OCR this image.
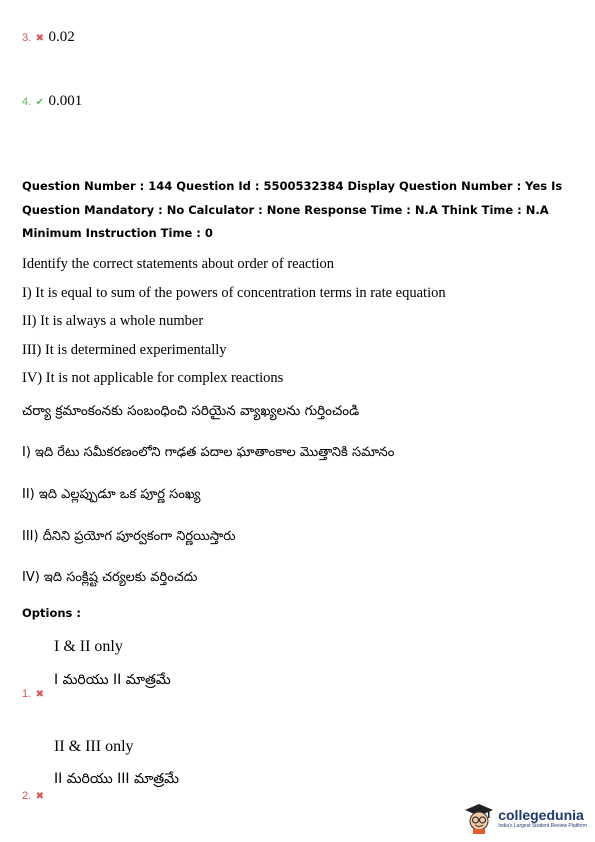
3. ✖ 0.02
4. ✔ 0.001
Question Number : 144 Question Id : 5500532384 Display Question Number : Yes Is Question Mandatory : No Calculator : None Response Time : N.A Think Time : N.A Minimum Instruction Time : 0
Identify the correct statements about order of reaction
I) It is equal to sum of the powers of concentration terms in rate equation
II) It is always a whole number
III) It is determined experimentally
IV) It is not applicable for complex reactions
చర్యా క్రమాంకంనకు సంబంధించి సరియైన వ్యాఖ్యలను గుర్తించండి
I) ఇది రేటు సమీకరణంలోని గాఢత పదాల ఘాతాంకాల మొత్తానికి సమానం
II) ఇది ఎల్లప్పుడూ ఒక పూర్ణ సంఖ్య
III) దీనిని ప్రయోగ పూర్వకంగా నిర్ణయిస్తారు
IV) ఇది సంక్లిష్ట చర్యలకు వర్తించదు
Options :
I & II only
I మరియు II మాత్రమే
1. ✖
II & III only
II మరియు III మాత్రమే
2. ✖
collegedunia
India's Largest Student Review Platform
